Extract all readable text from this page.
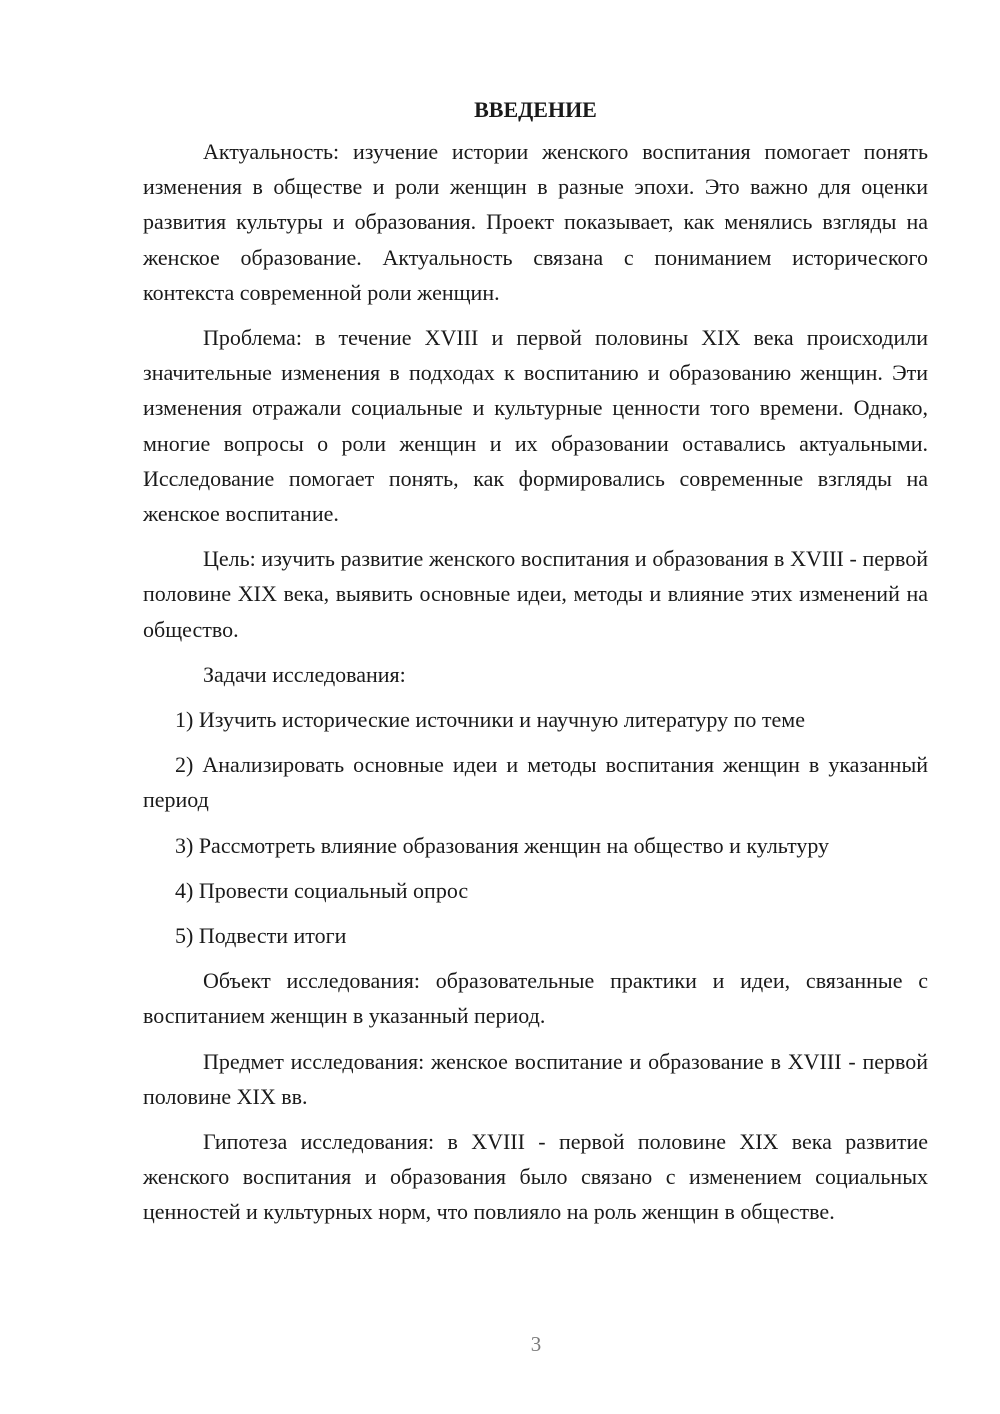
ВВЕДЕНИЕ

Актуальность: изучение истории женского воспитания помогает понять изменения в обществе и роли женщин в разные эпохи. Это важно для оценки развития культуры и образования. Проект показывает, как менялись взгляды на женское образование. Актуальность связана с пониманием исторического контекста современной роли женщин.

Проблема: в течение XVIII и первой половины XIX века происходили значительные изменения в подходах к воспитанию и образованию женщин. Эти изменения отражали социальные и культурные ценности того времени. Однако, многие вопросы о роли женщин и их образовании оставались актуальными. Исследование помогает понять, как формировались современные взгляды на женское воспитание.

Цель: изучить развитие женского воспитания и образования в XVIII - первой половине XIX века, выявить основные идеи, методы и влияние этих изменений на общество.

Задачи исследования:

1) Изучить исторические источники и научную литературу по теме
2) Анализировать основные идеи и методы воспитания женщин в указанный период
3) Рассмотреть влияние образования женщин на общество и культуру
4) Провести социальный опрос
5) Подвести итоги

Объект исследования: образовательные практики и идеи, связанные с воспитанием женщин в указанный период.

Предмет исследования: женское воспитание и образование в XVIII - первой половине XIX вв.

Гипотеза исследования: в XVIII - первой половине XIX века развитие женского воспитания и образования было связано с изменением социальных ценностей и культурных норм, что повлияло на роль женщин в обществе.

3
